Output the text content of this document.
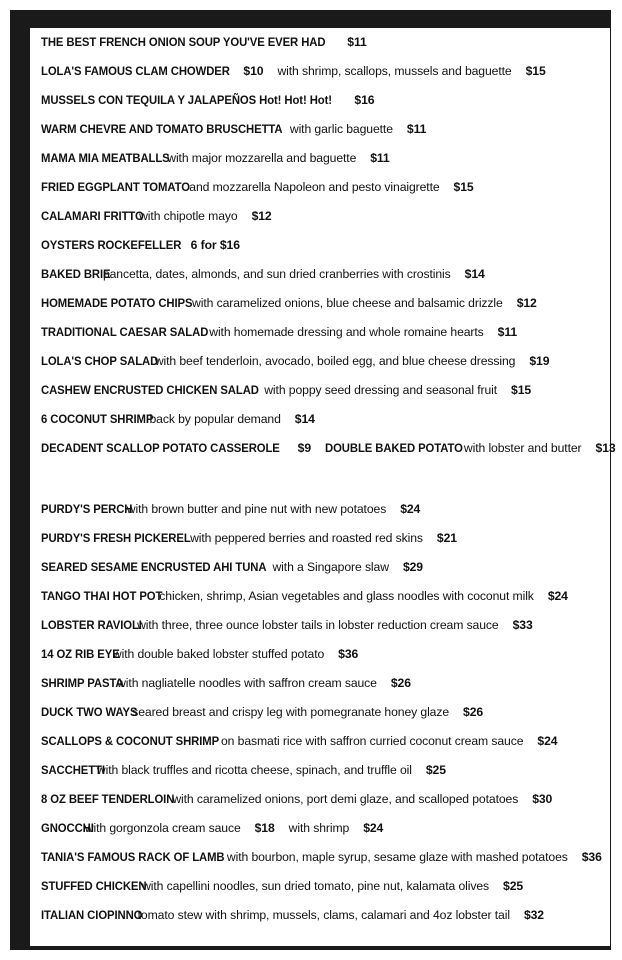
THE BEST FRENCH ONION SOUP YOU'VE EVER HAD $11
LOLA'S FAMOUS CLAM CHOWDER $10 with shrimp, scallops, mussels and baguette $15
MUSSELS CON TEQUILA Y JALAPEÑOS Hot! Hot! Hot! $16
WARM CHEVRE AND TOMATO BRUSCHETTA with garlic baguette $11
MAMA MIA MEATBALLS with major mozzarella and baguette $11
FRIED EGGPLANT TOMATO and mozzarella Napoleon and pesto vinaigrette $15
CALAMARI FRITTO with chipotle mayo $12
OYSTERS ROCKEFELLER 6 for $16
BAKED BRIE pancetta, dates, almonds, and sun dried cranberries with crostinis $14
HOMEMADE POTATO CHIPS with caramelized onions, blue cheese and balsamic drizzle $12
TRADITIONAL CAESAR SALAD with homemade dressing and whole romaine hearts $11
LOLA'S CHOP SALAD with beef tenderloin, avocado, boiled egg, and blue cheese dressing $19
CASHEW ENCRUSTED CHICKEN SALAD with poppy seed dressing and seasonal fruit $15
6 COCONUT SHRIMP back by popular demand $14
DECADENT SCALLOP POTATO CASSEROLE $9 DOUBLE BAKED POTATOwith lobster and butter $13
PURDY'S PERCH with brown butter and pine nut with new potatoes $24
PURDY'S FRESH PICKEREL with peppered berries and roasted red skins $21
SEARED SESAME ENCRUSTED AHI TUNA with a Singapore slaw $29
TANGO THAI HOT POT chicken, shrimp, Asian vegetables and glass noodles with coconut milk $24
LOBSTER RAVIOLI with three, three ounce lobster tails in lobster reduction cream sauce $33
14 OZ RIB EYE with double baked lobster stuffed potato $36
SHRIMP PASTA with nagliatelle noodles with saffron cream sauce $26
DUCK TWO WAYS seared breast and crispy leg with pomegranate honey glaze $26
SCALLOPS & COCONUT SHRIMP on basmati rice with saffron curried coconut cream sauce $24
SACCHETTI with black truffles and ricotta cheese, spinach, and truffle oil $25
8 OZ BEEF TENDERLOIN with caramelized onions, port demi glaze, and scalloped potatoes $30
GNOCCHI with gorgonzola cream sauce $18 with shrimp $24
TANIA'S FAMOUS RACK OF LAMB with bourbon, maple syrup, sesame glaze with mashed potatoes $36
STUFFED CHICKEN with capellini noodles, sun dried tomato, pine nut, kalamata olives $25
ITALIAN CIOPINNO tomato stew with shrimp, mussels, clams, calamari and 4oz lobster tail $32
